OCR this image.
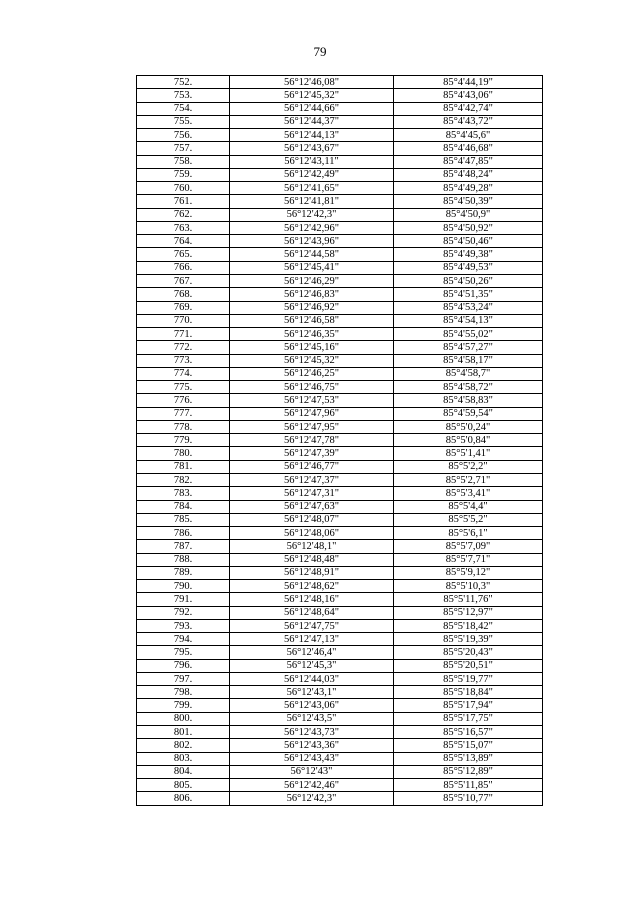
79
752.	56°12'46,08"	85°4'44,19"
753.	56°12'45,32"	85°4'43,06"
754.	56°12'44,66"	85°4'42,74"
755.	56°12'44,37"	85°4'43,72"
756.	56°12'44,13"	85°4'45,6"
757.	56°12'43,67"	85°4'46,68"
758.	56°12'43,11"	85°4'47,85"
759.	56°12'42,49"	85°4'48,24"
760.	56°12'41,65"	85°4'49,28"
761.	56°12'41,81"	85°4'50,39"
762.	56°12'42,3"	85°4'50,9"
763.	56°12'42,96"	85°4'50,92"
764.	56°12'43,96"	85°4'50,46"
765.	56°12'44,58"	85°4'49,38"
766.	56°12'45,41"	85°4'49,53"
767.	56°12'46,29"	85°4'50,26"
768.	56°12'46,83"	85°4'51,35"
769.	56°12'46,92"	85°4'53,24"
770.	56°12'46,58"	85°4'54,13"
771.	56°12'46,35"	85°4'55,02"
772.	56°12'45,16"	85°4'57,27"
773.	56°12'45,32"	85°4'58,17"
774.	56°12'46,25"	85°4'58,7"
775.	56°12'46,75"	85°4'58,72"
776.	56°12'47,53"	85°4'58,83"
777.	56°12'47,96"	85°4'59,54"
778.	56°12'47,95"	85°5'0,24"
779.	56°12'47,78"	85°5'0,84"
780.	56°12'47,39"	85°5'1,41"
781.	56°12'46,77"	85°5'2,2"
782.	56°12'47,37"	85°5'2,71"
783.	56°12'47,31"	85°5'3,41"
784.	56°12'47,63"	85°5'4,4"
785.	56°12'48,07"	85°5'5,2"
786.	56°12'48,06"	85°5'6,1"
787.	56°12'48,1"	85°5'7,09"
788.	56°12'48,48"	85°5'7,71"
789.	56°12'48,91"	85°5'9,12"
790.	56°12'48,62"	85°5'10,3"
791.	56°12'48,16"	85°5'11,76"
792.	56°12'48,64"	85°5'12,97"
793.	56°12'47,75"	85°5'18,42"
794.	56°12'47,13"	85°5'19,39"
795.	56°12'46,4"	85°5'20,43"
796.	56°12'45,3"	85°5'20,51"
797.	56°12'44,03"	85°5'19,77"
798.	56°12'43,1"	85°5'18,84"
799.	56°12'43,06"	85°5'17,94"
800.	56°12'43,5"	85°5'17,75"
801.	56°12'43,73"	85°5'16,57"
802.	56°12'43,36"	85°5'15,07"
803.	56°12'43,43"	85°5'13,89"
804.	56°12'43"	85°5'12,89"
805.	56°12'42,46"	85°5'11,85"
806.	56°12'42,3"	85°5'10,77"
